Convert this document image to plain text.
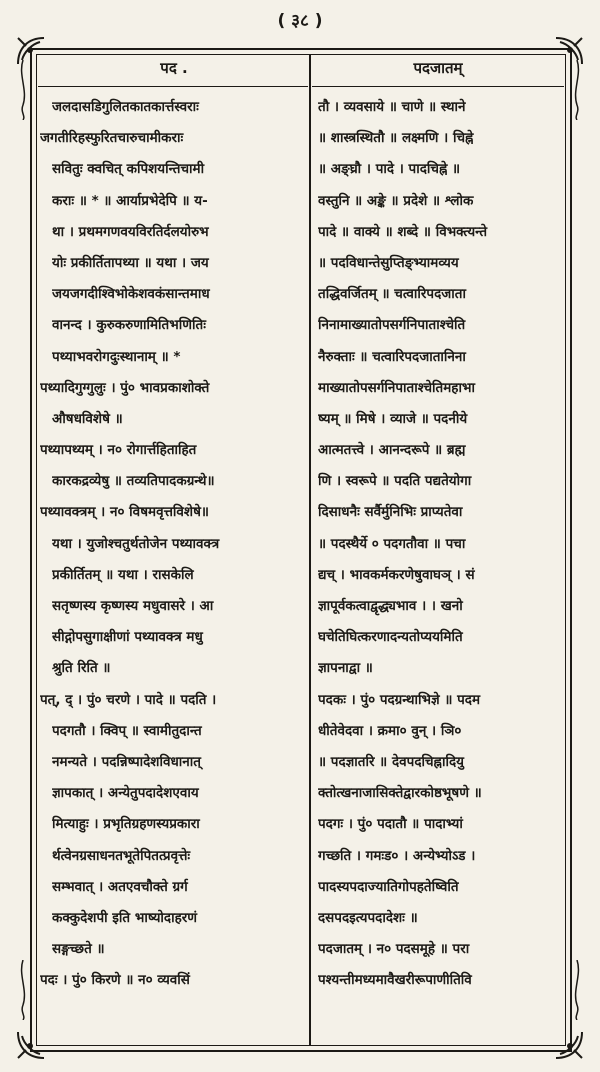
( ३८ )
पद .	पदजातम्
जलदासडिगुलितकातकार्त्तस्वराः
जगतीरिहस्फुरितचारुचामीकराः
सवितुः क्वचित् कपिशयन्तिचामी
कराः ॥ * ॥ आर्याप्रभेदेपि ॥ य-
था । प्रथमगणवयविरतिर्दलयोरुभ
योः प्रकीर्तितापथ्या ॥ यथा । जय
जयजगदीश्विभोकेशवकंसान्तमाध
वानन्द । कुरुकरुणामितिभणितिः
पथ्याभवरोगदुःस्थानाम् ॥ *
पथ्यादिगुग्गुलुः । पुं० भावप्रकाशोक्ते
औषधविशेषे ॥
पथ्यापथ्यम् । न० रोगार्त्तहिताहित
कारकद्रव्येषु ॥ तव्यतिपादकग्रन्थे॥
पथ्यावक्त्रम् । न० विषमवृत्तविशेषे॥
यथा । युजोश्चतुर्थतोजेन पथ्यावक्त्र
प्रकीर्तितम् ॥ यथा । रासकेलि
सतृष्णस्य कृष्णस्य मधुवासरे । आ
सीद्गोपसुगाक्षीणां पथ्यावक्त्र मधु
श्रुति रिति ॥
पत्, द् । पुं० चरणे । पादे ॥ पदति ।
पदगतौ । क्विप् ॥ स्वामीतुदान्त
नमन्यते । पदन्निष्पादेशविधानात्
ज्ञापकात् । अन्येतुपदादेशएवाय
मित्याहुः । प्रभृतिग्रहणस्यप्रकारा
र्थत्वेनग्रसाधनतभूतेपितत्प्रवृत्तेः
सम्भवात् । अतएवचौक्ते ग्रर्ग
कक्कुदेशपी इति भाष्योदाहरणं
सङ्गच्छते ॥
पदः । पुं० किरणे ॥ न० व्यवसिं
तौ । व्यवसाये ॥ चाणे ॥ स्थाने
॥ शास्त्रस्थितौ ॥ लक्ष्मणि । चिह्ने
॥ अङ्घ्रौ । पादे । पादचिह्ने ॥
वस्तुनि ॥ अङ्के ॥ प्रदेशे ॥ श्लोक
पादे ॥ वाक्ये ॥ शब्दे ॥ विभक्त्यन्ते
॥ पदविधान्तेसुप्तिङ्भ्यामव्यय
तद्धिवर्जितम् ॥ चत्वारिपदजाता
निनामाख्यातोपसर्गनिपाताश्चेति
नैरुक्ताः ॥ चत्वारिपदजातानिना
माख्यातोपसर्गनिपाताश्चेतिमहाभा
ष्यम् ॥ मिषे । व्याजे ॥ पदनीये
आत्मतत्त्वे । आनन्दरूपे ॥ ब्रह्म
णि । स्वरूपे ॥ पदति पद्यतेयोगा
दिसाधनैः सर्वैर्मुनिभिः प्राप्यतेवा
॥ पदस्थैर्ये ० पदगतौवा ॥ पचा
द्यच् । भावकर्मकरणेषुवाघञ् । सं
ज्ञापूर्वकत्वाद्वृद्ध्यभाव । । खनो
घचेतिघित्करणादन्यतोप्ययमिति
ज्ञापनाद्वा ॥
पदकः । पुं० पदग्रन्थाभिज्ञे ॥ पदम
धीतेवेदवा । क्रमा० वुन् । ञि०
॥ पदज्ञातरि ॥ देवपदचिह्नादियु
क्तोत्खनाजासिक्तेद्वारकोष्ठभूषणे ॥
पदगः । पुं० पदातौ ॥ पादाभ्यां
गच्छति । गमःड० । अन्येभ्योऽड ।
पादस्यपदाज्यातिगोपहतेष्विति
दसपदइत्यपदादेशः ॥
पदजातम् । न० पदसमूहे ॥ परा
पश्यन्तीमध्यमावैखरीरूपाणीतिवि
